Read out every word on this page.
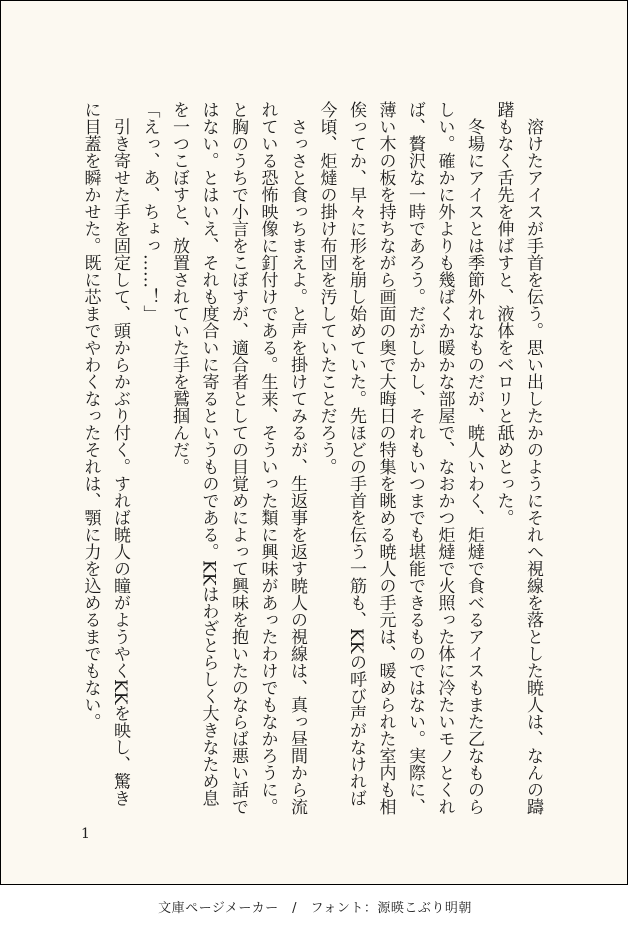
溶けたアイスが手首を伝う。思い出したかのようにそれへ視線を落とした暁人は、なんの躊躇もなく舌先を伸ばすと、液体をベロリと舐めとった。

冬場にアイスとは季節外れなものだが、暁人いわく、炬燵で食べるアイスもまた乙なものらしい。確かに外よりも幾ばくか暖かな部屋で、なおかつ炬燵で火照った体に冷たいモノとくれば、贅沢な一時であろう。だがしかし、それもいつまでも堪能できるものではない。実際に、薄い木の板を持ちながら画面の奥で大晦日の特集を眺める暁人の手元は、暖められた室内も相俟ってか、早々に形を崩し始めていた。先ほどの手首を伝う一筋も、KKの呼び声がなければ今頃、炬燵の掛け布団を汚していたことだろう。

さっさと食っちまえよ。と声を掛けてみるが、生返事を返す暁人の視線は、真っ昼間から流れている恐怖映像に釘付けである。生来、そういった類に興味があったわけでもなかろうに。と胸のうちで小言をこぼすが、適合者としての目覚めによって興味を抱いたのならば悪い話ではない。とはいえ、それも度合いに寄るというものである。KKはわざとらしく大きなため息を一つこぼすと、放置されていた手を鷲掴んだ。

「えっ、あ、ちょっ……！」

引き寄せた手を固定して、頭からかぶり付く。すれば暁人の瞳がようやくKKを映し、驚きに目蓋を瞬かせた。既に芯までやわくなったそれは、顎に力を込めるまでもない。

1
文庫ページメーカー　/　フォント：源暎こぶり明朝
